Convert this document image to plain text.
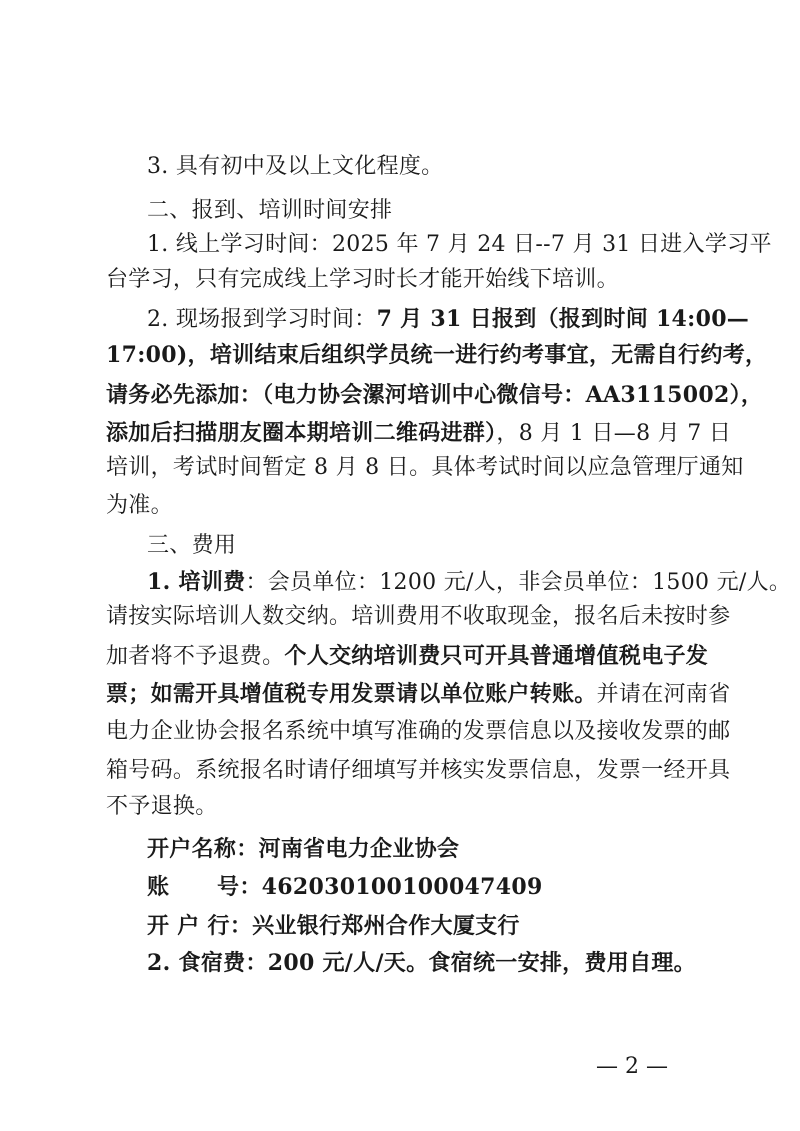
3. 具有初中及以上文化程度。
二、报到、培训时间安排
1. 线上学习时间：2025 年 7 月 24 日--7 月 31 日进入学习平
台学习，只有完成线上学习时长才能开始线下培训。
2. 现场报到学习时间：7 月 31 日报到（报到时间 14:00—
17:00)，培训结束后组织学员统一进行约考事宜，无需自行约考，
请务必先添加：（电力协会漯河培训中心微信号：AA3115002），
添加后扫描朋友圈本期培训二维码进群），8 月 1 日—8 月 7 日
培训，考试时间暂定 8 月 8 日。具体考试时间以应急管理厅通知
为准。
三、费用
1. 培训费：会员单位：1200 元/人，非会员单位：1500 元/人。
请按实际培训人数交纳。培训费用不收取现金，报名后未按时参
加者将不予退费。个人交纳培训费只可开具普通增值税电子发
票；如需开具增值税专用发票请以单位账户转账。并请在河南省
电力企业协会报名系统中填写准确的发票信息以及接收发票的邮
箱号码。系统报名时请仔细填写并核实发票信息，发票一经开具
不予退换。
开户名称：河南省电力企业协会
账      号：462030100100047409
开 户 行：兴业银行郑州合作大厦支行
2. 食宿费：200 元/人/天。食宿统一安排，费用自理。
— 2 —
